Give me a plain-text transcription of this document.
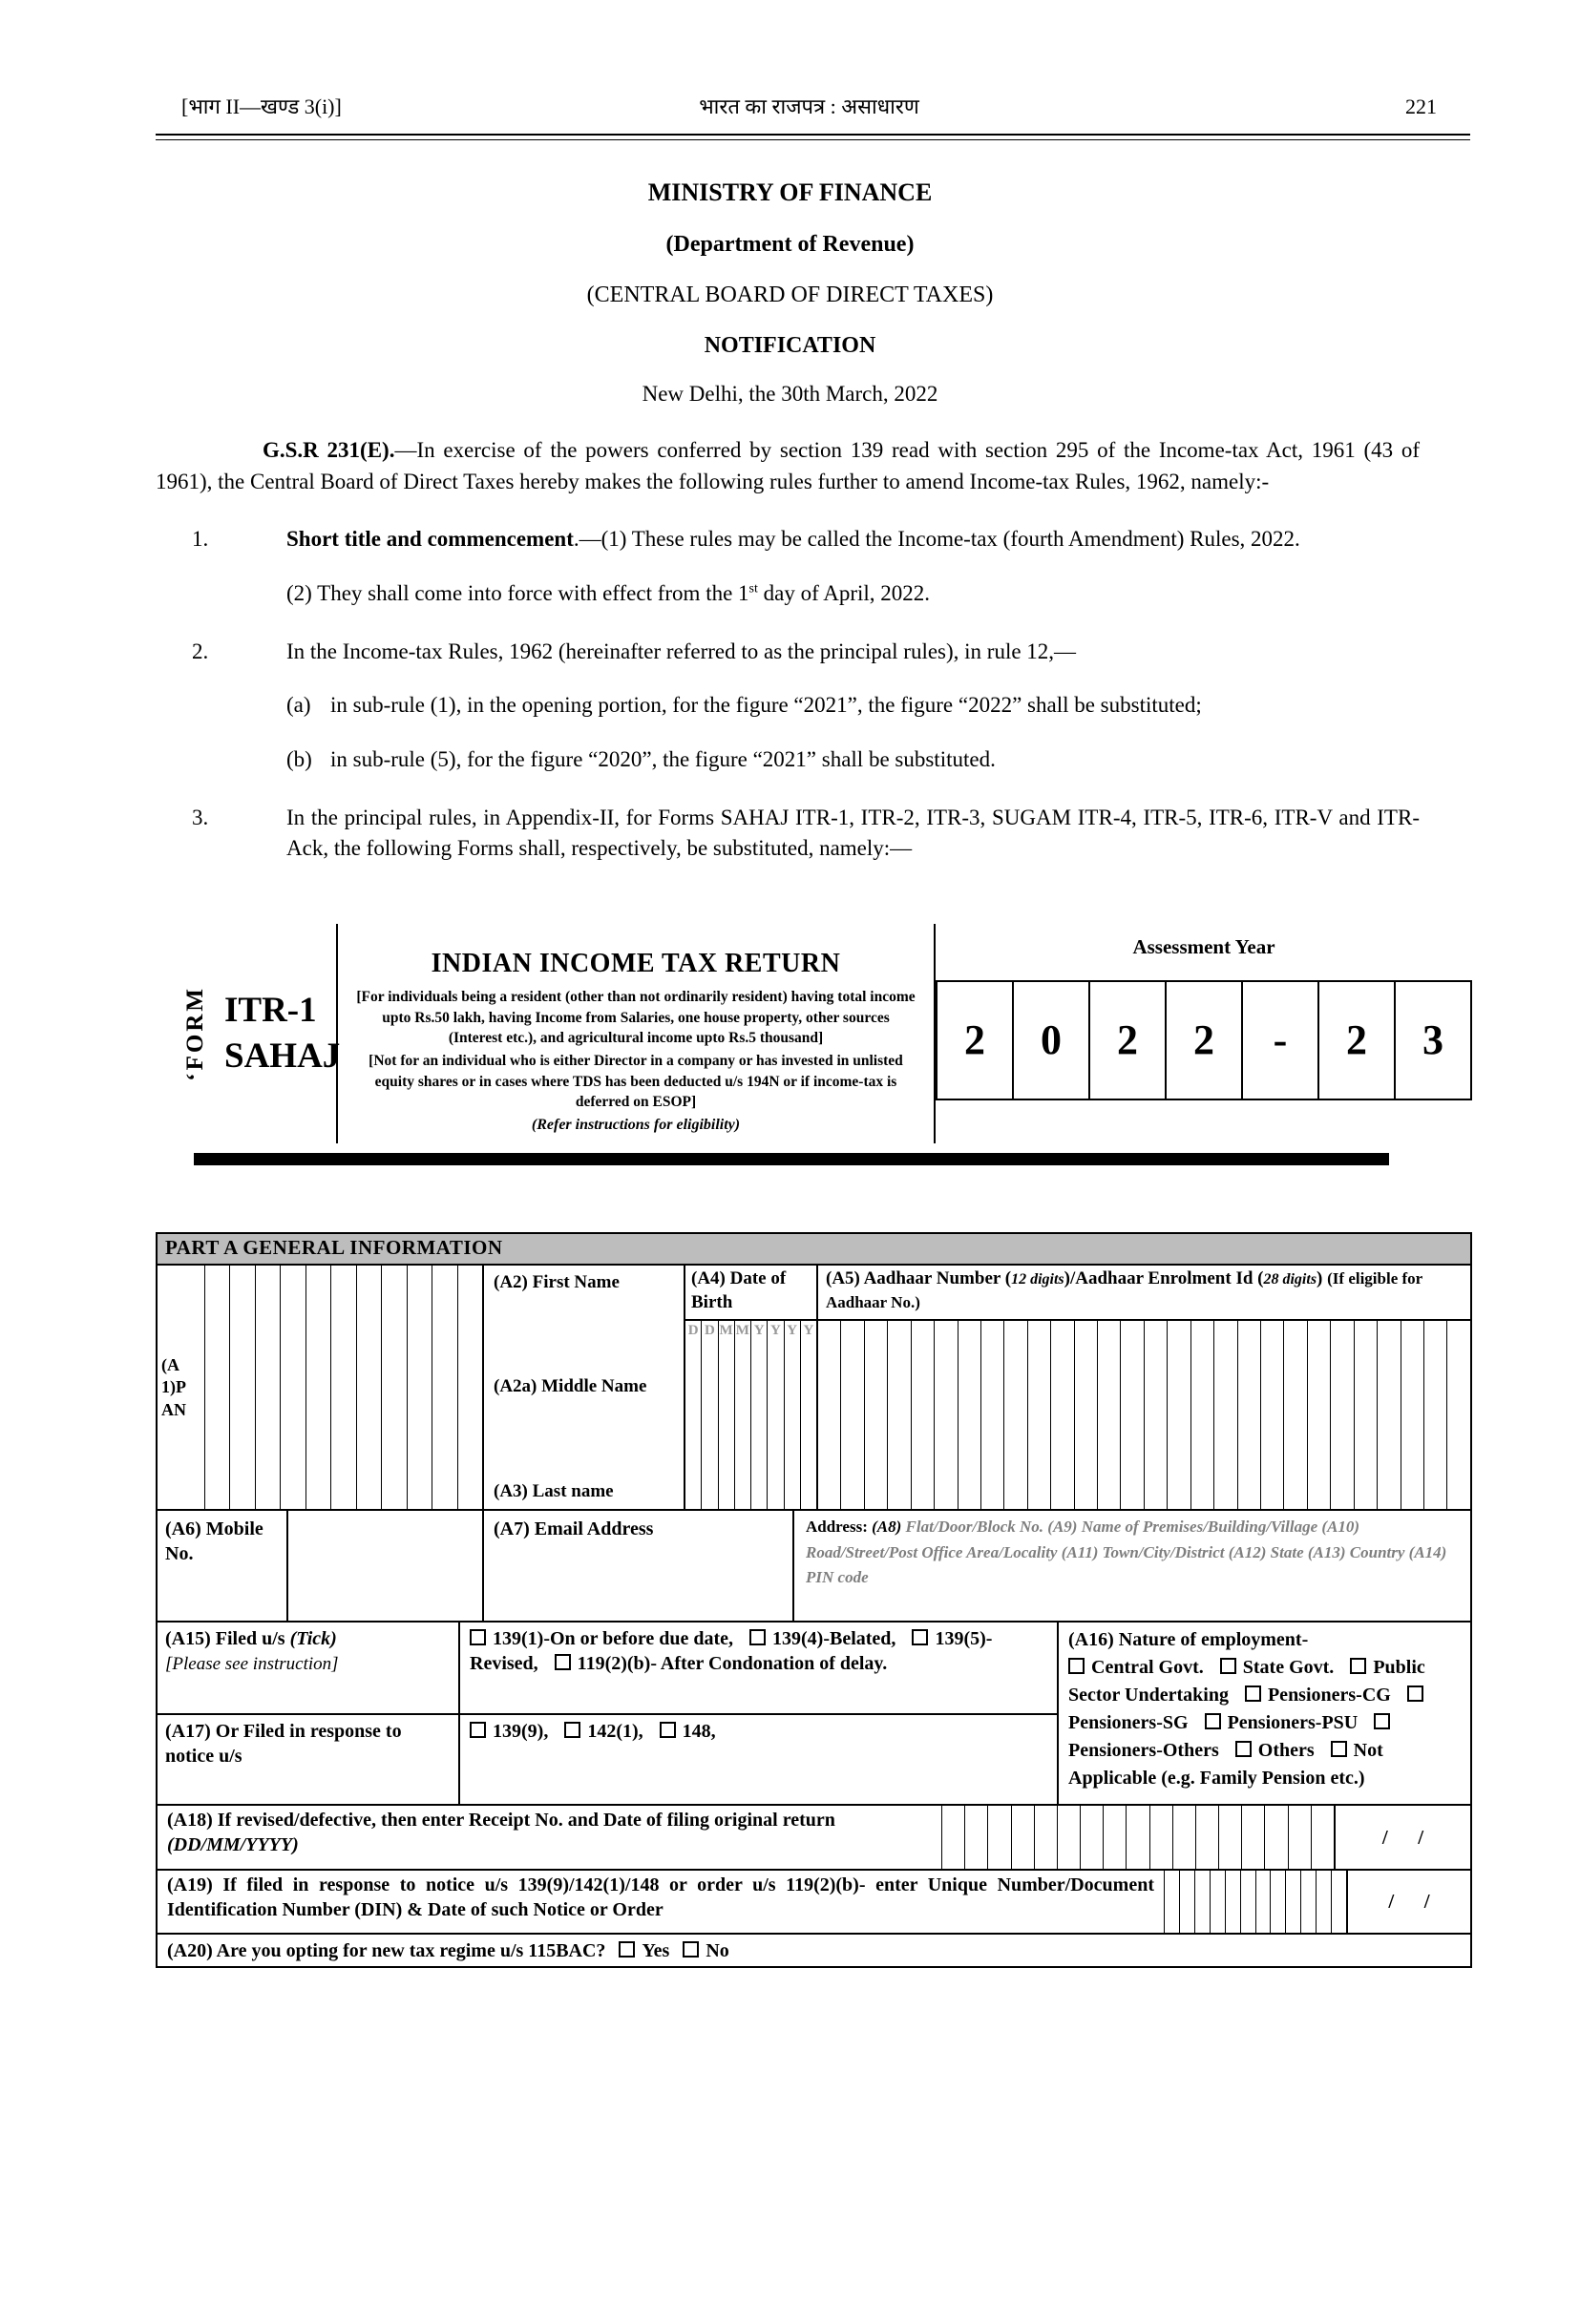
[भाग II—खण्ड 3(i)]	भारत का राजपत्र : असाधारण	221

MINISTRY OF FINANCE

(Department of Revenue)

(CENTRAL BOARD OF DIRECT TAXES)

NOTIFICATION

New Delhi, the 30th March, 2022

G.S.R 231(E).—In exercise of the powers conferred by section 139 read with section 295 of the Income-tax Act, 1961 (43 of 1961), the Central Board of Direct Taxes hereby makes the following rules further to amend Income-tax Rules, 1962, namely:-

1.	Short title and commencement.—(1) These rules may be called the Income-tax (fourth Amendment) Rules, 2022.

(2) They shall come into force with effect from the 1st day of April, 2022.

2.	In the Income-tax Rules, 1962 (hereinafter referred to as the principal rules), in rule 12,—
(a) in sub-rule (1), in the opening portion, for the figure “2021”, the figure “2022” shall be substituted;
(b) in sub-rule (5), for the figure “2020”, the figure “2021” shall be substituted.
3.	In the principal rules, in Appendix-II, for Forms SAHAJ ITR-1, ITR-2, ITR-3, SUGAM ITR-4, ITR-5, ITR-6, ITR-V and ITR- Ack, the following Forms shall, respectively, be substituted, namely:—
‘FORM ITR-1
SAHAJ
INDIAN INCOME TAX RETURN
[For individuals being a resident (other than not ordinarily resident) having total income upto Rs.50 lakh, having Income from Salaries, one house property, other sources (Interest etc.), and agricultural income upto Rs.5 thousand]
[Not for an individual who is either Director in a company or has invested in unlisted equity shares or in cases where TDS has been deducted u/s 194N or if income-tax is deferred on ESOP]
(Refer instructions for eligibility)
Assessment Year
2 0 2 2 - 2 3
PART A GENERAL INFORMATION
(A 1)P AN
(A2) First Name
(A2a) Middle Name
(A3) Last name
(A4) Date of Birth
D D M M Y Y Y Y
(A5) Aadhaar Number (12 digits)/Aadhaar Enrolment Id (28 digits) (If eligible for Aadhaar No.)
(A6) Mobile No.
(A7) Email Address	Address: (A8) Flat/Door/Block No. (A9) Name of Premises/Building/Village (A10) Road/Street/Post Office Area/Locality (A11) Town/City/District (A12) State (A13) Country (A14) PIN code
(A15) Filed u/s (Tick)
[Please see instruction]
139(1)-On or before due date, 139(4)-Belated, 139(5)-Revised, 119(2)(b)- After Condonation of delay.
(A17) Or Filed in response to notice u/s
139(9), 142(1), 148,
(A16) Nature of employment-
Central Govt. State Govt. Public Sector Undertaking Pensioners-CG Pensioners-SG Pensioners-PSU Pensioners-Others Others Not Applicable (e.g. Family Pension etc.)
(A18) If revised/defective, then enter Receipt No. and Date of filing original return
(DD/MM/YYYY)	/      /
(A19) If filed in response to notice u/s 139(9)/142(1)/148 or order u/s 119(2)(b)- enter Unique Number/Document Identification Number (DIN) & Date of such Notice or Order	/      /
(A20) Are you opting for new tax regime u/s 115BAC?	Yes	No
